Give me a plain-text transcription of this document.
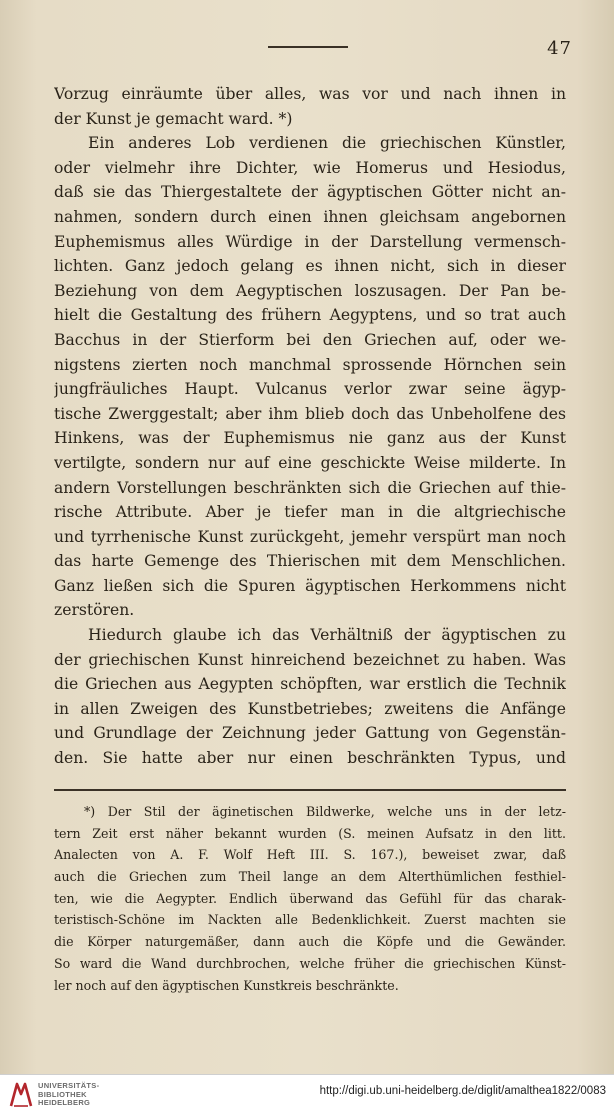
47
Vorzug einräumte über alles, was vor und nach ihnen in
der Kunst je gemacht ward. *)
Ein anderes Lob verdienen die griechischen Künstler,
oder vielmehr ihre Dichter, wie Homerus und Hesiodus,
daß sie das Thiergestaltete der ägyptischen Götter nicht an-
nahmen, sondern durch einen ihnen gleichsam angebornen
Euphemismus alles Würdige in der Darstellung vermensch-
lichten. Ganz jedoch gelang es ihnen nicht, sich in dieser
Beziehung von dem Aegyptischen loszusagen. Der Pan be-
hielt die Gestaltung des frühern Aegyptens, und so trat auch
Bacchus in der Stierform bei den Griechen auf, oder we-
nigstens zierten noch manchmal sprossende Hörnchen sein
jungfräuliches Haupt. Vulcanus verlor zwar seine ägyp-
tische Zwerggestalt; aber ihm blieb doch das Unbeholfene des
Hinkens, was der Euphemismus nie ganz aus der Kunst
vertilgte, sondern nur auf eine geschickte Weise milderte. In
andern Vorstellungen beschränkten sich die Griechen auf thie-
rische Attribute. Aber je tiefer man in die altgriechische
und tyrrhenische Kunst zurückgeht, jemehr verspürt man noch
das harte Gemenge des Thierischen mit dem Menschlichen.
Ganz ließen sich die Spuren ägyptischen Herkommens nicht
zerstören.
Hiedurch glaube ich das Verhältniß der ägyptischen zu
der griechischen Kunst hinreichend bezeichnet zu haben. Was
die Griechen aus Aegypten schöpften, war erstlich die Technik
in allen Zweigen des Kunstbetriebes; zweitens die Anfänge
und Grundlage der Zeichnung jeder Gattung von Gegenstän-
den. Sie hatte aber nur einen beschränkten Typus, und
*) Der Stil der äginetischen Bildwerke, welche uns in der letz-
tern Zeit erst näher bekannt wurden (S. meinen Aufsatz in den litt.
Analecten von A. F. Wolf Heft III. S. 167.), beweiset zwar, daß
auch die Griechen zum Theil lange an dem Alterthümlichen festhiel-
ten, wie die Aegypter. Endlich überwand das Gefühl für das charak-
teristisch-Schöne im Nackten alle Bedenklichkeit. Zuerst machten sie
die Körper naturgemäßer, dann auch die Köpfe und die Gewänder.
So ward die Wand durchbrochen, welche früher die griechischen Künst-
ler noch auf den ägyptischen Kunstkreis beschränkte.
UNIVERSITÄTS-
BIBLIOTHEK
HEIDELBERG
http://digi.ub.uni-heidelberg.de/diglit/amalthea1822/0083
